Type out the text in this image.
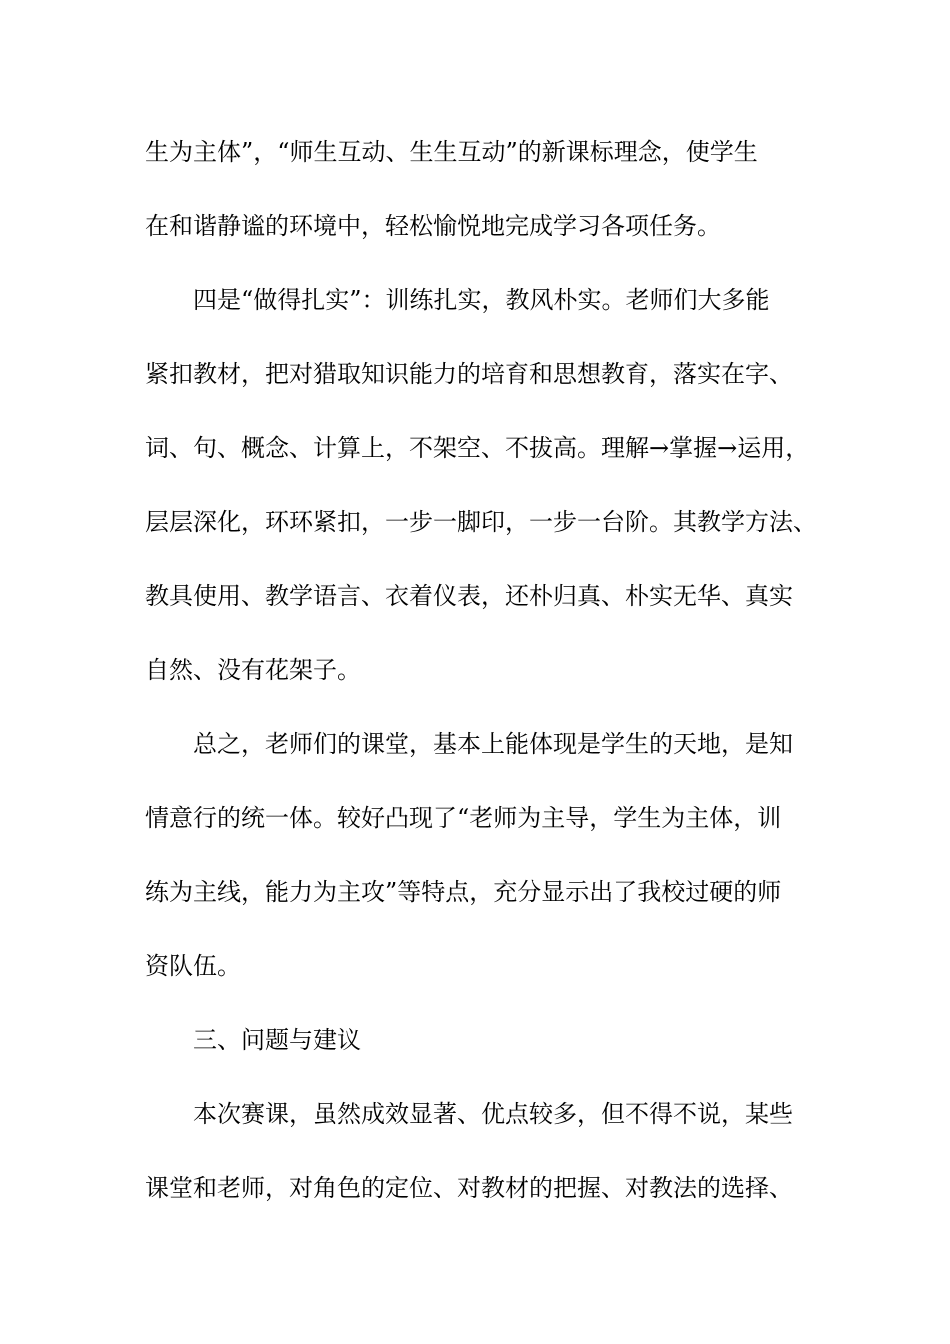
生为主体”，“师生互动、生生互动”的新课标理念，使学生
在和谐静谧的环境中，轻松愉悦地完成学习各项任务。
四是“做得扎实”：训练扎实，教风朴实。老师们大多能
紧扣教材，把对猎取知识能力的培育和思想教育，落实在字、
词、句、概念、计算上，不架空、不拔高。理解→掌握→运用，
层层深化，环环紧扣，一步一脚印，一步一台阶。其教学方法、
教具使用、教学语言、衣着仪表，还朴归真、朴实无华、真实
自然、没有花架子。
总之，老师们的课堂，基本上能体现是学生的天地，是知
情意行的统一体。较好凸现了“老师为主导，学生为主体，训
练为主线，能力为主攻”等特点，充分显示出了我校过硬的师
资队伍。
三、问题与建议
本次赛课，虽然成效显著、优点较多，但不得不说，某些
课堂和老师，对角色的定位、对教材的把握、对教法的选择、
